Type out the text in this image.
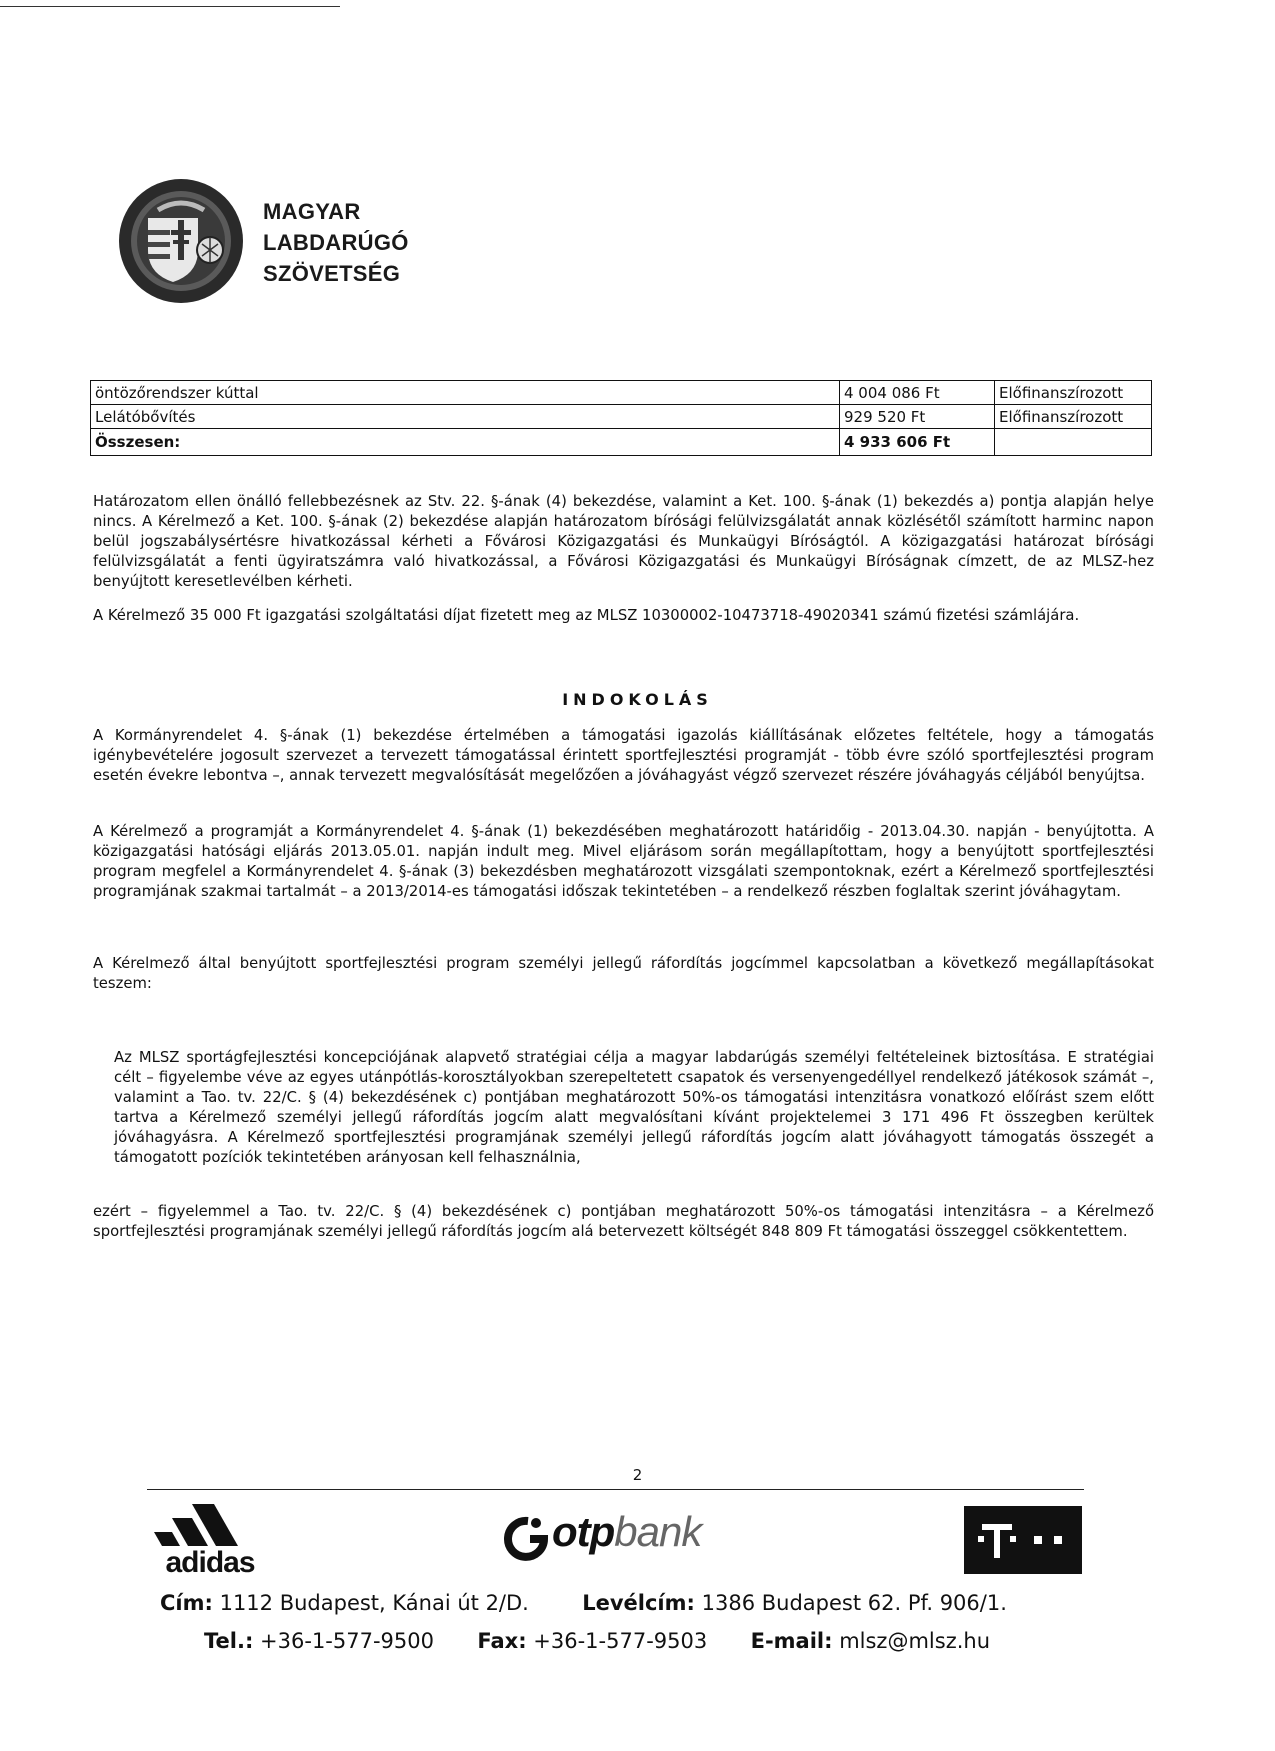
MAGYAR
LABDARÚGÓ
SZÖVETSÉG
öntözőrendszer kúttal	4 004 086 Ft	Előfinanszírozott
Lelátóbővítés	929 520 Ft	Előfinanszírozott
Összesen:	4 933 606 Ft	
Határozatom ellen önálló fellebbezésnek az Stv. 22. §-ának (4) bekezdése, valamint a Ket. 100. §-ának (1) bekezdés a) pontja alapján helye nincs. A Kérelmező a Ket. 100. §-ának (2) bekezdése alapján határozatom bírósági felülvizsgálatát annak közlésétől számított harminc napon belül jogszabálysértésre hivatkozással kérheti a Fővárosi Közigazgatási és Munkaügyi Bíróságtól. A közigazgatási határozat bírósági felülvizsgálatát a fenti ügyiratszámra való hivatkozással, a Fővárosi Közigazgatási és Munkaügyi Bíróságnak címzett, de az MLSZ-hez benyújtott keresetlevélben kérheti.
A Kérelmező 35 000 Ft igazgatási szolgáltatási díjat fizetett meg az MLSZ 10300002-10473718-49020341 számú fizetési számlájára.
INDOKOLÁS
A Kormányrendelet 4. §-ának (1) bekezdése értelmében a támogatási igazolás kiállításának előzetes feltétele, hogy a támogatás igénybevételére jogosult szervezet a tervezett támogatással érintett sportfejlesztési programját - több évre szóló sportfejlesztési program esetén évekre lebontva –, annak tervezett megvalósítását megelőzően a jóváhagyást végző szervezet részére jóváhagyás céljából benyújtsa.
A Kérelmező a programját a Kormányrendelet 4. §-ának (1) bekezdésében meghatározott határidőig - 2013.04.30. napján - benyújtotta. A közigazgatási hatósági eljárás 2013.05.01. napján indult meg. Mivel eljárásom során megállapítottam, hogy a benyújtott sportfejlesztési program megfelel a Kormányrendelet 4. §-ának (3) bekezdésben meghatározott vizsgálati szempontoknak, ezért a Kérelmező sportfejlesztési programjának szakmai tartalmát – a 2013/2014-es támogatási időszak tekintetében – a rendelkező részben foglaltak szerint jóváhagytam.
A Kérelmező által benyújtott sportfejlesztési program személyi jellegű ráfordítás jogcímmel kapcsolatban a következő megállapításokat teszem:
Az MLSZ sportágfejlesztési koncepciójának alapvető stratégiai célja a magyar labdarúgás személyi feltételeinek biztosítása. E stratégiai célt – figyelembe véve az egyes utánpótlás-korosztályokban szerepeltetett csapatok és versenyengedéllyel rendelkező játékosok számát –, valamint a Tao. tv. 22/C. § (4) bekezdésének c) pontjában meghatározott 50%-os támogatási intenzitásra vonatkozó előírást szem előtt tartva a Kérelmező személyi jellegű ráfordítás jogcím alatt megvalósítani kívánt projektelemei 3 171 496 Ft összegben kerültek jóváhagyásra. A Kérelmező sportfejlesztési programjának személyi jellegű ráfordítás jogcím alatt jóváhagyott támogatás összegét a támogatott pozíciók tekintetében arányosan kell felhasználnia,
ezért – figyelemmel a Tao. tv. 22/C. § (4) bekezdésének c) pontjában meghatározott 50%-os támogatási intenzitásra – a Kérelmező sportfejlesztési programjának személyi jellegű ráfordítás jogcím alá betervezett költségét 848 809 Ft támogatási összeggel csökkentettem.
2
adidas
otpbank
Cím: 1112 Budapest, Kánai út 2/D.	Levélcím: 1386 Budapest 62. Pf. 906/1.
Tel.: +36-1-577-9500 Fax: +36-1-577-9503 E-mail: mlsz@mlsz.hu
